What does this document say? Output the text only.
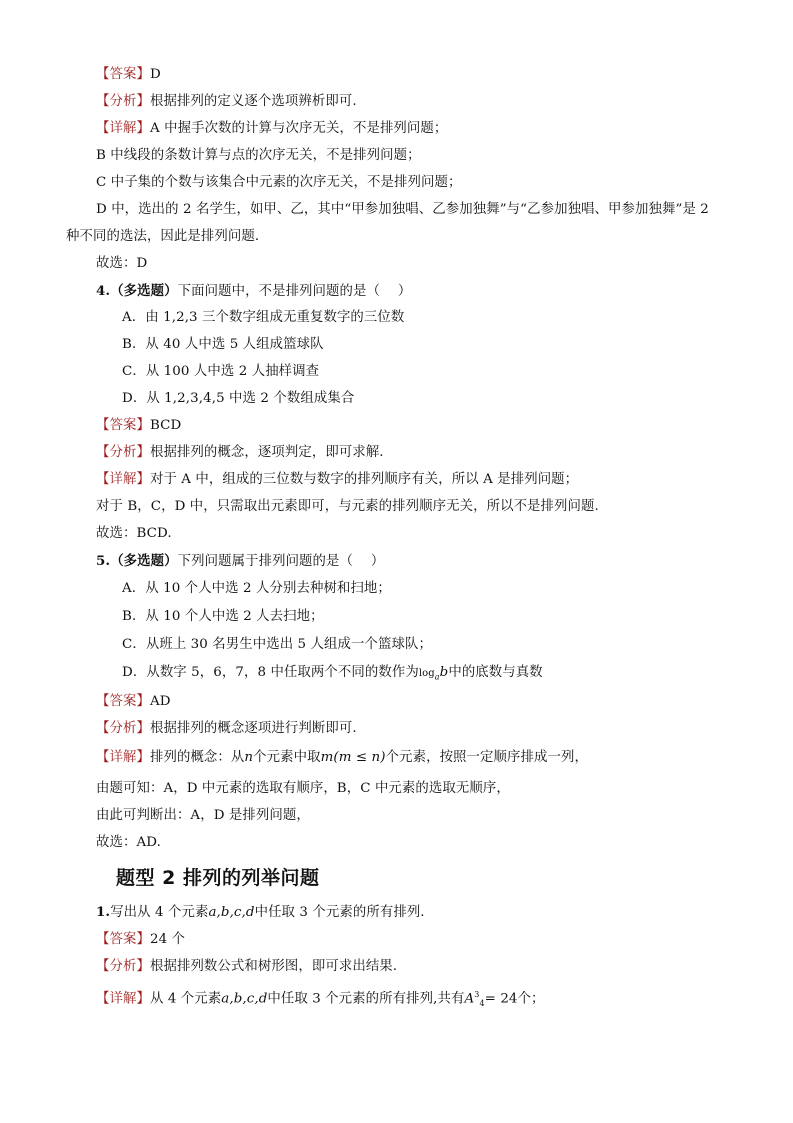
【答案】D
【分析】根据排列的定义逐个选项辨析即可.
【详解】A 中握手次数的计算与次序无关，不是排列问题；
B 中线段的条数计算与点的次序无关，不是排列问题；
C 中子集的个数与该集合中元素的次序无关，不是排列问题；
D 中，选出的 2 名学生，如甲、乙，其中“甲参加独唱、乙参加独舞”与“乙参加独唱、甲参加独舞”是 2
种不同的选法，因此是排列问题．
故选：D
4.（多选题）下面问题中，不是排列问题的是（　 ）
A．由 1,2,3 三个数字组成无重复数字的三位数
B．从 40 人中选 5 人组成篮球队
C．从 100 人中选 2 人抽样调查
D．从 1,2,3,4,5 中选 2 个数组成集合
【答案】BCD
【分析】根据排列的概念，逐项判定，即可求解.
【详解】对于 A 中，组成的三位数与数字的排列顺序有关，所以 A 是排列问题；
对于 B，C，D 中，只需取出元素即可，与元素的排列顺序无关，所以不是排列问题.
故选：BCD.
5.（多选题）下列问题属于排列问题的是（　 ）
A．从 10 个人中选 2 人分别去种树和扫地；
B．从 10 个人中选 2 人去扫地；
C．从班上 30 名男生中选出 5 人组成一个篮球队；
D．从数字 5，6，7，8 中任取两个不同的数作为$\log_ab$中的底数与真数
【答案】AD
【分析】根据排列的概念逐项进行判断即可.
【详解】排列的概念：从n个元素中取m(m ≤ n)个元素，按照一定顺序排成一列，
由题可知：A，D 中元素的选取有顺序，B，C 中元素的选取无顺序，
由此可判断出：A，D 是排列问题，
故选：AD.
题型 2 排列的列举问题
1.写出从 4 个元素a,b,c,d中任取 3 个元素的所有排列.
【答案】24 个
【分析】根据排列数公式和树形图，即可求出结果.
【详解】从 4 个元素a,b,c,d中任取 3 个元素的所有排列,共有$A^3_4= 24$个；
